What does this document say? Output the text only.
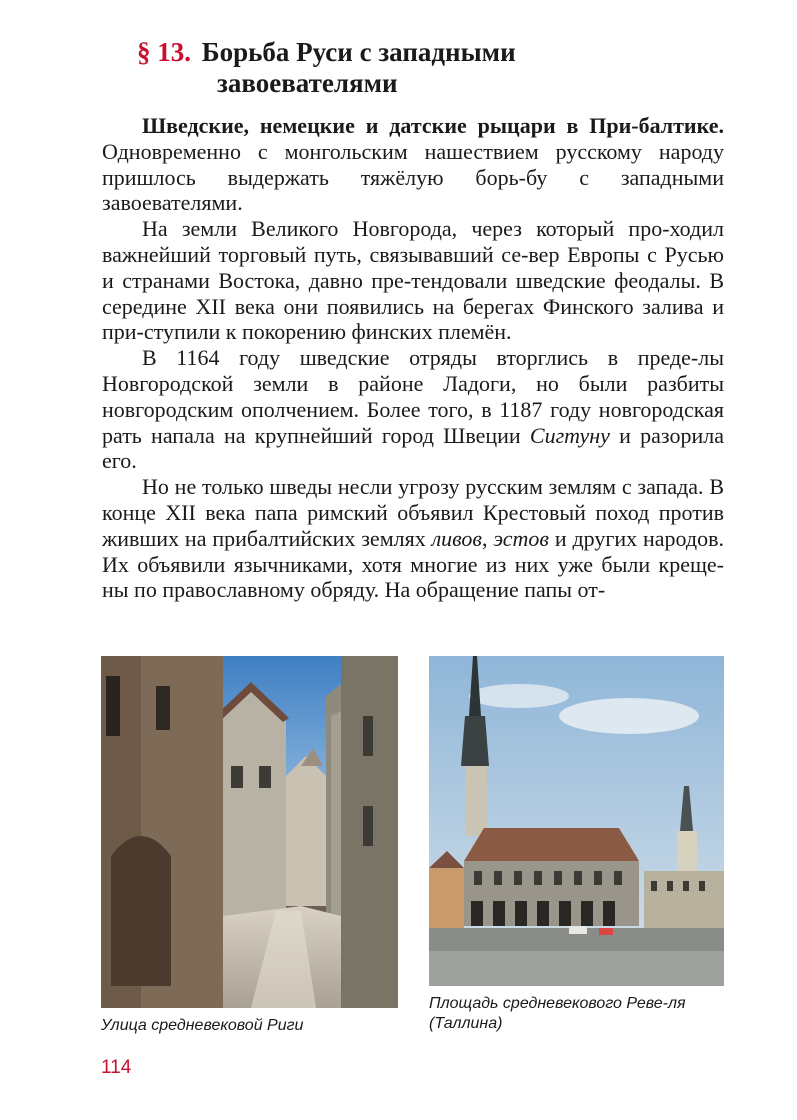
§ 13. Борьба Руси с западными
завоевателями

Шведские, немецкие и датские рыцари в При-балтике. Одновременно с монгольским нашествием русскому народу пришлось выдержать тяжёлую борь-бу с западными завоевателями.

На земли Великого Новгорода, через который про-ходил важнейший торговый путь, связывавший се-вер Европы с Русью и странами Востока, давно пре-тендовали шведские феодалы. В середине XII века они появились на берегах Финского залива и при-ступили к покорению финских племён.

В 1164 году шведские отряды вторглись в преде-лы Новгородской земли в районе Ладоги, но были разбиты новгородским ополчением. Более того, в 1187 году новгородская рать напала на крупнейший город Швеции Сигтуну и разорила его.

Но не только шведы несли угрозу русским землям с запада. В конце XII века папа римский объявил Крестовый поход против живших на прибалтийских землях ливов, эстов и других народов. Их объявили язычниками, хотя многие из них уже были креще-ны по православному обряду. На обращение папы от-

Улица средневековой Риги
Площадь средневекового Реве-ля (Таллина)
114
